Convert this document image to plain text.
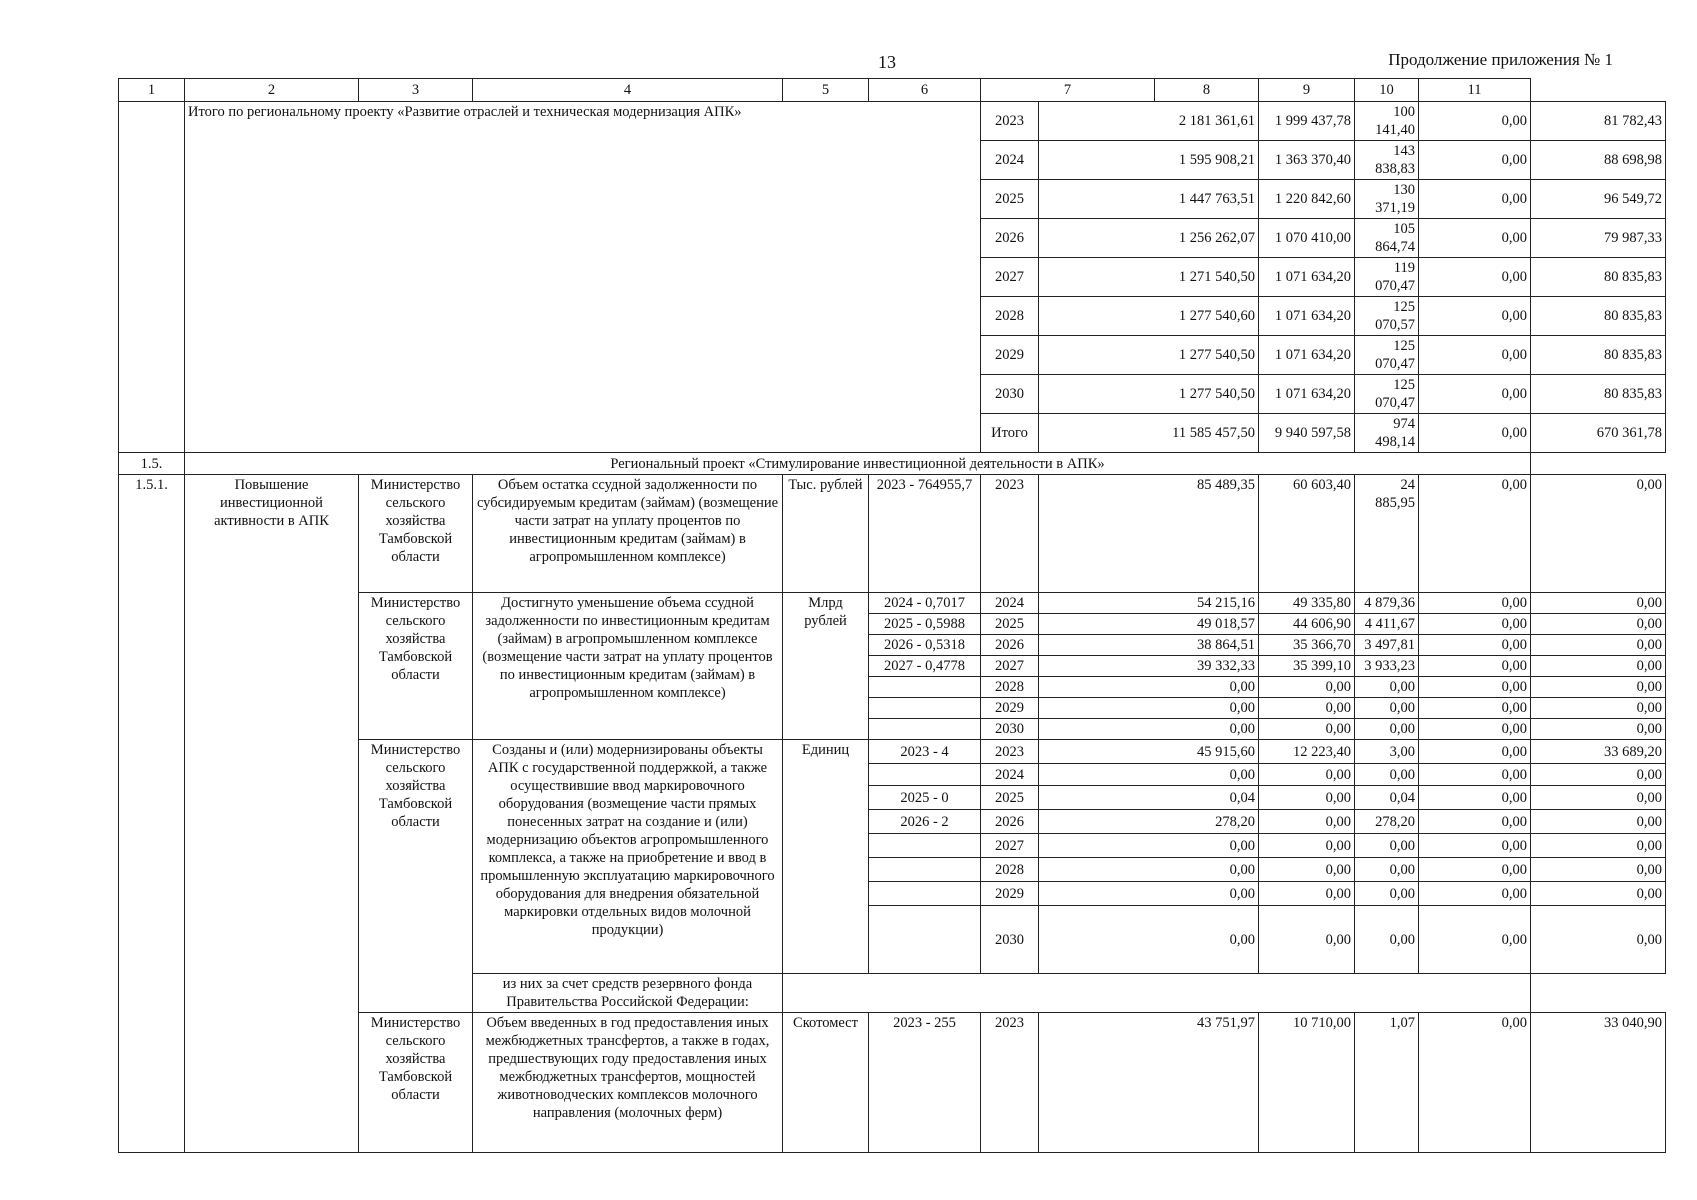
13	Продолжение приложения № 1
1	2	3	4	5	6	7		8	9	10	11	
	Итого по региональному проекту «Развитие отраслей и техническая модернизация АПК»					2023	2 181 361,61		1 999 437,78	100 141,40	0,00	81 782,43
						2024	1 595 908,21		1 363 370,40	143 838,83	0,00	88 698,98
						2025	1 447 763,51		1 220 842,60	130 371,19	0,00	96 549,72
						2026	1 256 262,07		1 070 410,00	105 864,74	0,00	79 987,33
						2027	1 271 540,50		1 071 634,20	119 070,47	0,00	80 835,83
						2028	1 277 540,60		1 071 634,20	125 070,57	0,00	80 835,83
						2029	1 277 540,50		1 071 634,20	125 070,47	0,00	80 835,83
						2030	1 277 540,50		1 071 634,20	125 070,47	0,00	80 835,83
						Итого	11 585 457,50		9 940 597,58	974 498,14	0,00	670 361,78
1.5.	Региональный проект «Стимулирование инвестиционной деятельности в АПК»											
1.5.1.	Повышение инвестиционной активности в АПК	Министерство сельского хозяйства Тамбовской области	Объем остатка ссудной задолженности по субсидируемым кредитам (займам) (возмещение части затрат на уплату процентов по инвестиционным кредитам (займам) в агропромышленном комплексе)	Тыс. рублей	2023 - 764955,7	2023	85 489,35		60 603,40	24 885,95	0,00	0,00
		Министерство сельского хозяйства Тамбовской области	Достигнуто уменьшение объема ссудной задолженности по инвестиционным кредитам (займам) в агропромышленном комплексе (возмещение части затрат на уплату процентов по инвестиционным кредитам (займам) в агропромышленном комплексе)	Млрд рублей	2024 - 0,7017	2024	54 215,16		49 335,80	4 879,36	0,00	0,00
					2025 - 0,5988	2025	49 018,57		44 606,90	4 411,67	0,00	0,00
					2026 - 0,5318	2026	38 864,51		35 366,70	3 497,81	0,00	0,00
					2027 - 0,4778	2027	39 332,33		35 399,10	3 933,23	0,00	0,00
						2028	0,00		0,00	0,00	0,00	0,00
						2029	0,00		0,00	0,00	0,00	0,00
						2030	0,00		0,00	0,00	0,00	0,00
		Министерство сельского хозяйства Тамбовской области	Созданы и (или) модернизированы объекты АПК с государственной поддержкой, а также осуществившие ввод маркировочного оборудования (возмещение части прямых понесенных затрат на создание и (или) модернизацию объектов агропромышленного комплекса, а также на приобретение и ввод в промышленную эксплуатацию маркировочного оборудования для внедрения обязательной маркировки отдельных видов молочной продукции)	Единиц	2023 - 4	2023	45 915,60		12 223,40	3,00	0,00	33 689,20
						2024	0,00		0,00	0,00	0,00	0,00
					2025 - 0	2025	0,04		0,00	0,04	0,00	0,00
					2026 - 2	2026	278,20		0,00	278,20	0,00	0,00
						2027	0,00		0,00	0,00	0,00	0,00
						2028	0,00		0,00	0,00	0,00	0,00
						2029	0,00		0,00	0,00	0,00	0,00
						2030	0,00		0,00	0,00	0,00	0,00
			из них за счет средств резервного фонда Правительства Российской Федерации:									
		Министерство сельского хозяйства Тамбовской области	Объем введенных в год предоставления иных межбюджетных трансфертов, а также в годах, предшествующих году предоставления иных межбюджетных трансфертов, мощностей животноводческих комплексов молочного направления (молочных ферм)	Скотомест	2023 - 255	2023	43 751,97		10 710,00	1,07	0,00	33 040,90
